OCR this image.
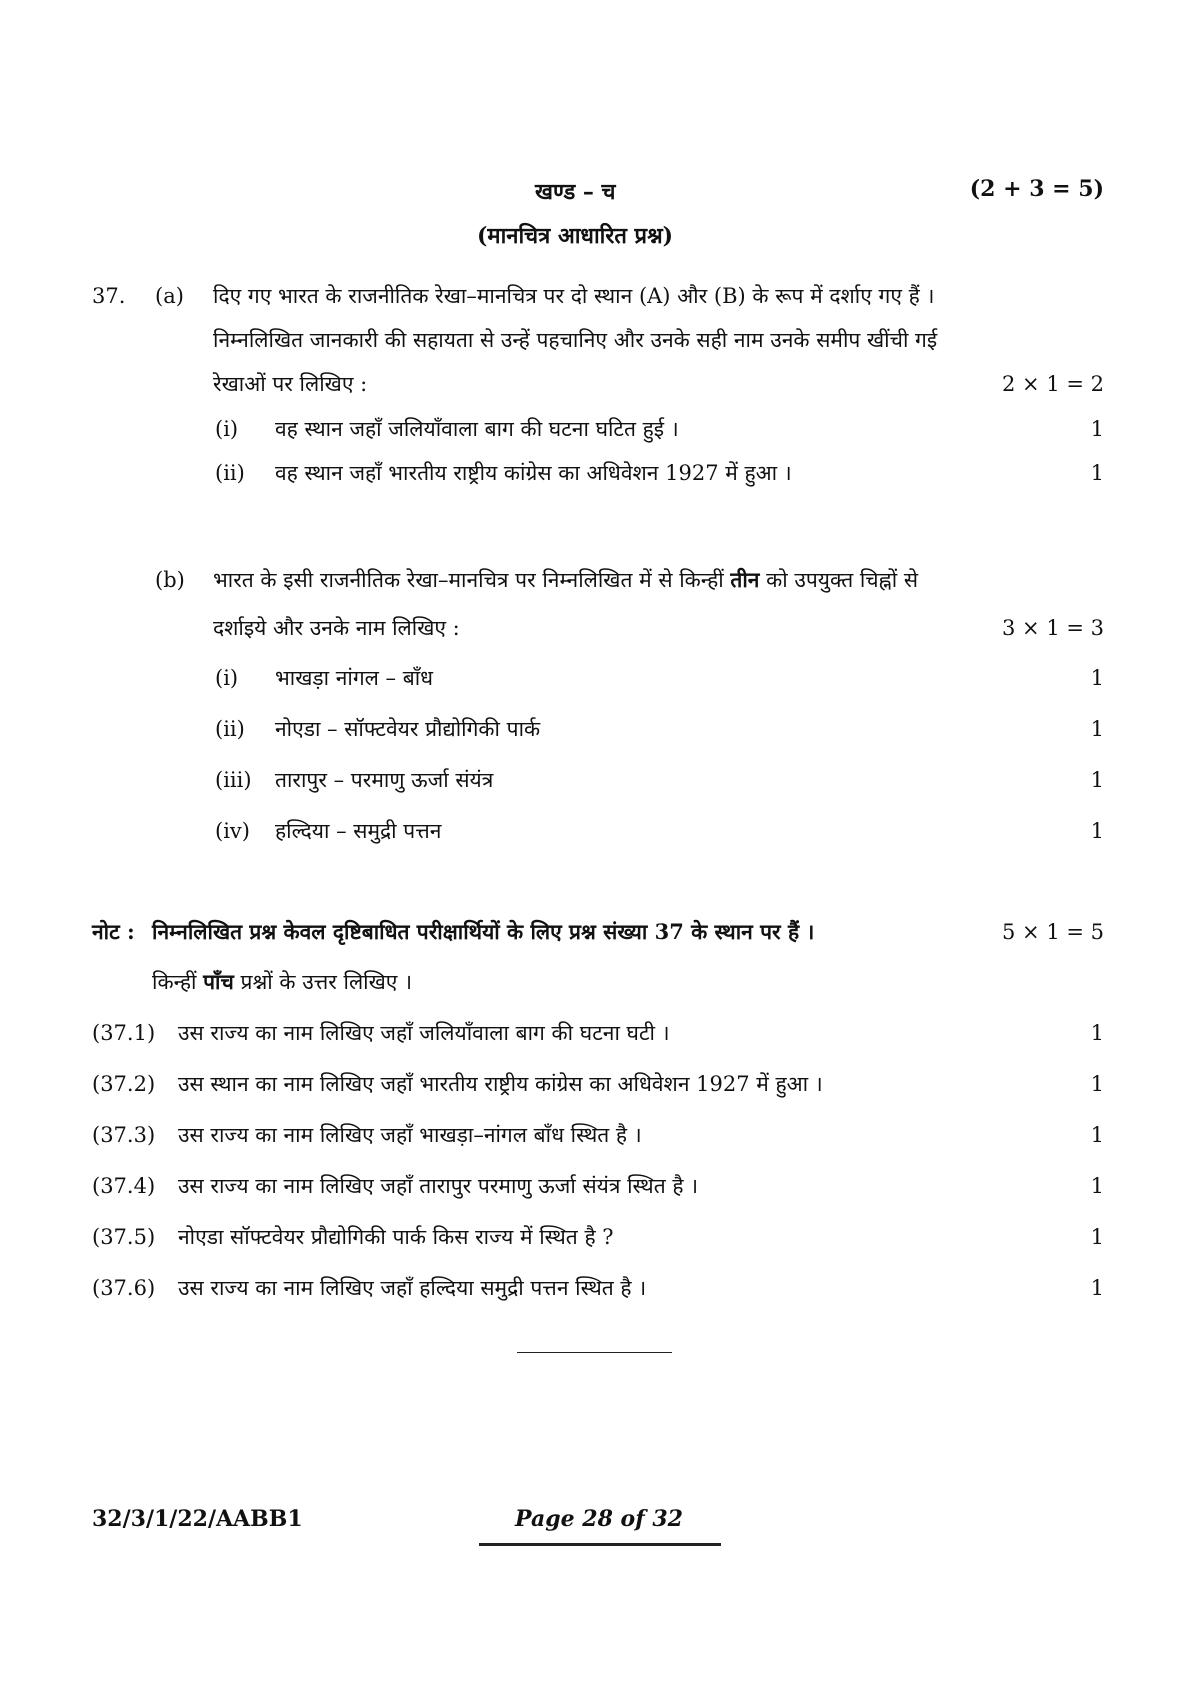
खण्ड – च	(2 + 3 = 5)
(मानचित्र आधारित प्रश्न)
37. (a) दिए गए भारत के राजनीतिक रेखा–मानचित्र पर दो स्थान (A) और (B) के रूप में दर्शाए गए हैं ।
निम्नलिखित जानकारी की सहायता से उन्हें पहचानिए और उनके सही नाम उनके समीप खींची गई
रेखाओं पर लिखिए :	2 × 1 = 2
(i) वह स्थान जहाँ जलियाँवाला बाग की घटना घटित हुई ।	1
(ii) वह स्थान जहाँ भारतीय राष्ट्रीय कांग्रेस का अधिवेशन 1927 में हुआ ।	1
(b) भारत के इसी राजनीतिक रेखा–मानचित्र पर निम्नलिखित में से किन्हीं तीन को उपयुक्त चिह्नों से
दर्शाइये और उनके नाम लिखिए :	3 × 1 = 3
(i) भाखड़ा नांगल – बाँध	1
(ii) नोएडा – सॉफ्टवेयर प्रौद्योगिकी पार्क	1
(iii) तारापुर – परमाणु ऊर्जा संयंत्र	1
(iv) हल्दिया – समुद्री पत्तन	1
नोट : निम्नलिखित प्रश्न केवल दृष्टिबाधित परीक्षार्थियों के लिए प्रश्न संख्या 37 के स्थान पर हैं ।	5 × 1 = 5
किन्हीं पाँच प्रश्नों के उत्तर लिखिए ।
(37.1) उस राज्य का नाम लिखिए जहाँ जलियाँवाला बाग की घटना घटी ।	1
(37.2) उस स्थान का नाम लिखिए जहाँ भारतीय राष्ट्रीय कांग्रेस का अधिवेशन 1927 में हुआ ।	1
(37.3) उस राज्य का नाम लिखिए जहाँ भाखड़ा–नांगल बाँध स्थित है ।	1
(37.4) उस राज्य का नाम लिखिए जहाँ तारापुर परमाणु ऊर्जा संयंत्र स्थित है ।	1
(37.5) नोएडा सॉफ्टवेयर प्रौद्योगिकी पार्क किस राज्य में स्थित है ?	1
(37.6) उस राज्य का नाम लिखिए जहाँ हल्दिया समुद्री पत्तन स्थित है ।	1
32/3/1/22/AABB1	Page 28 of 32
